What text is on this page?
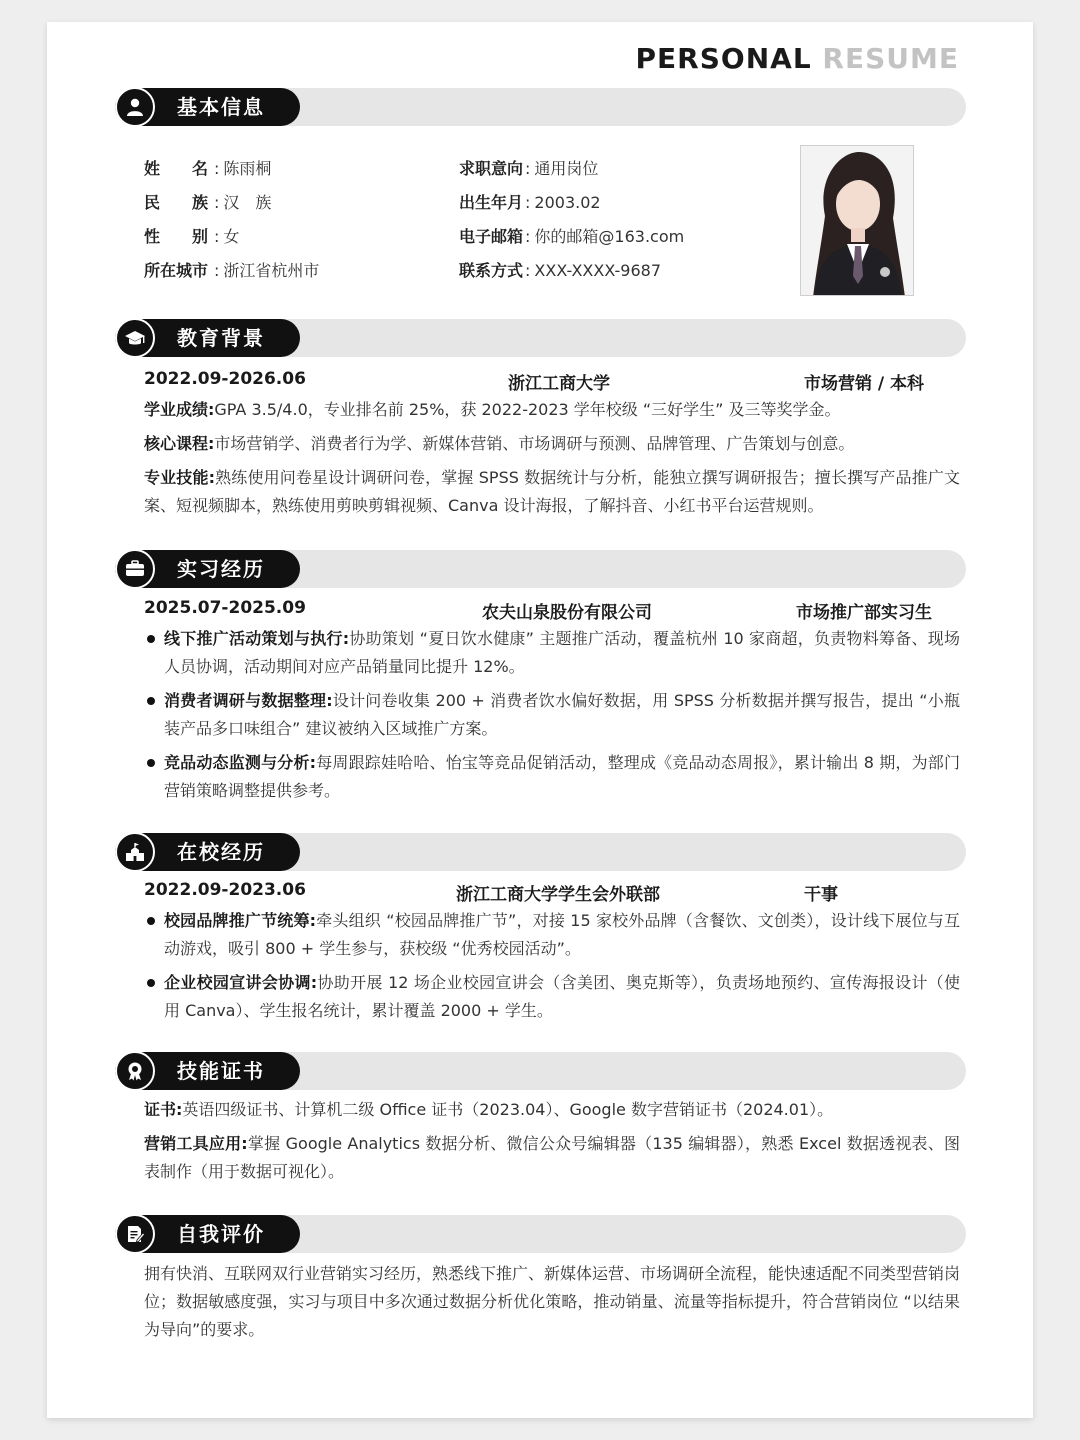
PERSONAL RESUME
基本信息
姓　　名 : 陈雨桐
民　　族 : 汉　族
性　　别 : 女
所在城市 : 浙江省杭州市
求职意向 : 通用岗位
出生年月 : 2003.02
电子邮箱 : 你的邮箱@163.com
联系方式 : XXX-XXXX-9687
教育背景
2022.09-2026.06	浙江工商大学	市场营销 / 本科
学业成绩:GPA 3.5/4.0，专业排名前 25%，获 2022-2023 学年校级 “三好学生” 及三等奖学金。
核心课程:市场营销学、消费者行为学、新媒体营销、市场调研与预测、品牌管理、广告策划与创意。
专业技能:熟练使用问卷星设计调研问卷，掌握 SPSS 数据统计与分析，能独立撰写调研报告；擅长撰写产品推广文案、短视频脚本，熟练使用剪映剪辑视频、Canva 设计海报，了解抖音、小红书平台运营规则。
实习经历
2025.07-2025.09	农夫山泉股份有限公司	市场推广部实习生
线下推广活动策划与执行:协助策划 “夏日饮水健康” 主题推广活动，覆盖杭州 10 家商超，负责物料筹备、现场人员协调，活动期间对应产品销量同比提升 12%。
消费者调研与数据整理:设计问卷收集 200 + 消费者饮水偏好数据，用 SPSS 分析数据并撰写报告，提出 “小瓶装产品多口味组合” 建议被纳入区域推广方案。
竞品动态监测与分析:每周跟踪娃哈哈、怡宝等竞品促销活动，整理成《竞品动态周报》，累计输出 8 期，为部门营销策略调整提供参考。
在校经历
2022.09-2023.06	浙江工商大学学生会外联部	干事
校园品牌推广节统筹:牵头组织 “校园品牌推广节”，对接 15 家校外品牌（含餐饮、文创类），设计线下展位与互动游戏，吸引 800 + 学生参与，获校级 “优秀校园活动”。
企业校园宣讲会协调:协助开展 12 场企业校园宣讲会（含美团、奥克斯等），负责场地预约、宣传海报设计（使用 Canva）、学生报名统计，累计覆盖 2000 + 学生。
技能证书
证书:英语四级证书、计算机二级 Office 证书（2023.04）、Google 数字营销证书（2024.01）。
营销工具应用:掌握 Google Analytics 数据分析、微信公众号编辑器（135 编辑器），熟悉 Excel 数据透视表、图表制作（用于数据可视化）。
自我评价
拥有快消、互联网双行业营销实习经历，熟悉线下推广、新媒体运营、市场调研全流程，能快速适配不同类型营销岗位；数据敏感度强，实习与项目中多次通过数据分析优化策略，推动销量、流量等指标提升，符合营销岗位 “以结果为导向”的要求。
